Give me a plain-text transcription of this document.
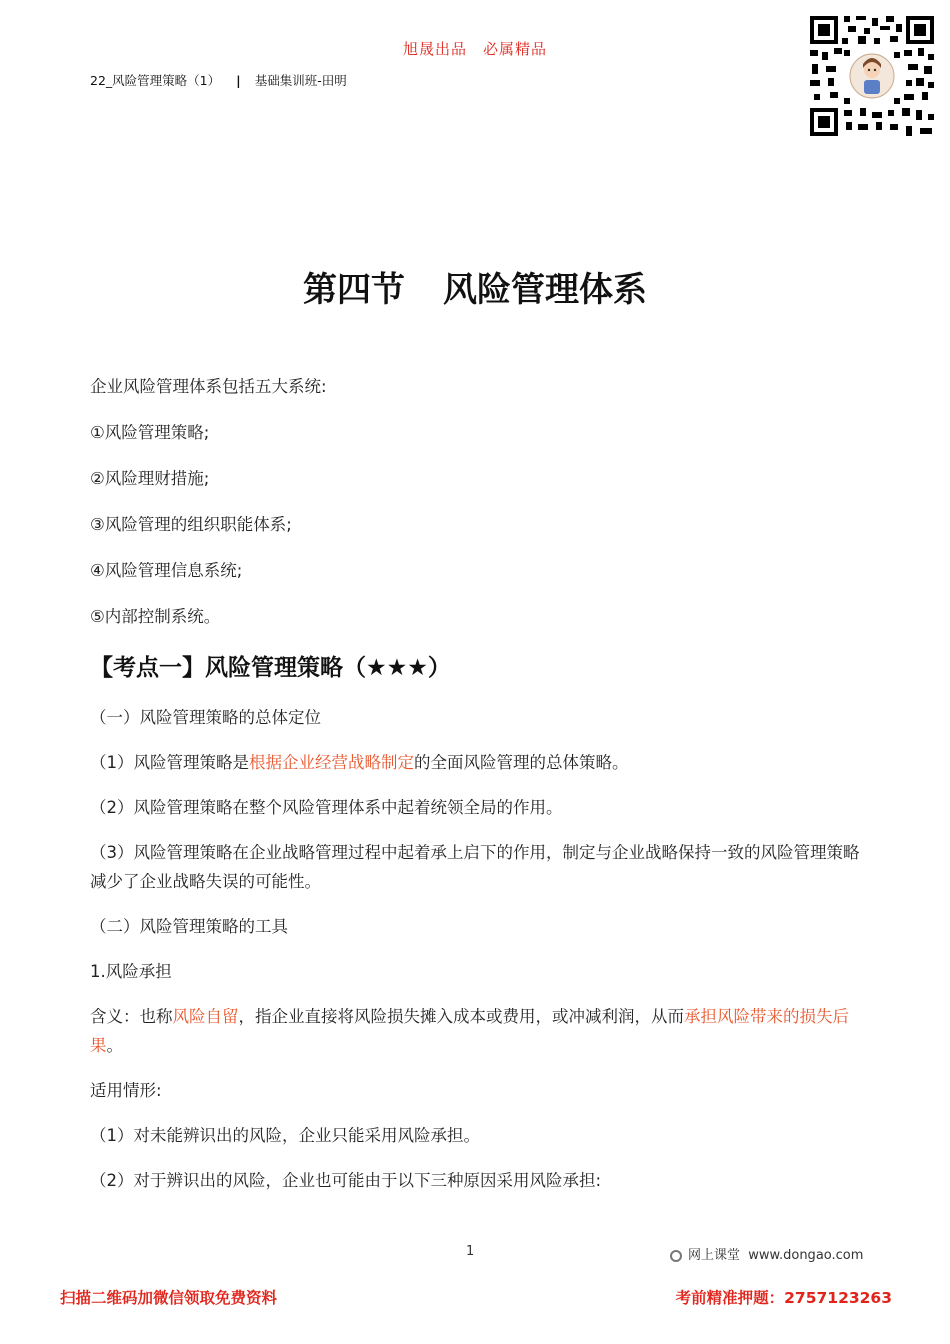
旭晟出品　必属精品
22_风险管理策略（1） | 基础集训班-田明
第四节 风险管理体系
企业风险管理体系包括五大系统:
①风险管理策略;
②风险理财措施;
③风险管理的组织职能体系;
④风险管理信息系统;
⑤内部控制系统。
【考点一】风险管理策略（★★★）
（一）风险管理策略的总体定位
（1）风险管理策略是根据企业经营战略制定的全面风险管理的总体策略。
（2）风险管理策略在整个风险管理体系中起着统领全局的作用。
（3）风险管理策略在企业战略管理过程中起着承上启下的作用，制定与企业战略保持一致的风险管理策略减少了企业战略失误的可能性。
（二）风险管理策略的工具
1.风险承担
含义：也称风险自留，指企业直接将风险损失摊入成本或费用，或冲减利润，从而承担风险带来的损失后果。
适用情形:
（1）对未能辨识出的风险，企业只能采用风险承担。
（2）对于辨识出的风险，企业也可能由于以下三种原因采用风险承担:
1	网上课堂 www.dongao.com
扫描二维码加微信领取免费资料	考前精准押题：2757123263
